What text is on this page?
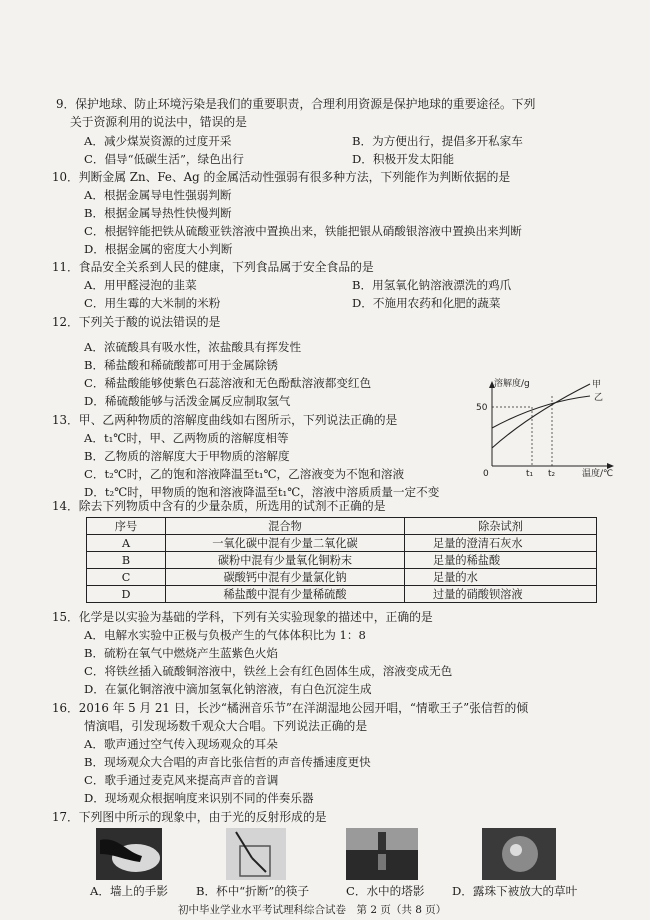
9．保护地球、防止环境污染是我们的重要职责，合理利用资源是保护地球的重要途径。下列
关于资源利用的说法中，错误的是
A．减少煤炭资源的过度开采	B．为方便出行，提倡多开私家车
C．倡导“低碳生活”，绿色出行	D．积极开发太阳能
10．判断金属 Zn、Fe、Ag 的金属活动性强弱有很多种方法，下列能作为判断依据的是
A．根据金属导电性强弱判断
B．根据金属导热性快慢判断
C．根据锌能把铁从硫酸亚铁溶液中置换出来，铁能把银从硝酸银溶液中置换出来判断
D．根据金属的密度大小判断
11．食品安全关系到人民的健康，下列食品属于安全食品的是
A．用甲醛浸泡的韭菜	B．用氢氧化钠溶液漂洗的鸡爪
C．用生霉的大米制的米粉	D．不施用农药和化肥的蔬菜
12．下列关于酸的说法错误的是
A．浓硫酸具有吸水性，浓盐酸具有挥发性
B．稀盐酸和稀硫酸都可用于金属除锈
C．稀盐酸能够使紫色石蕊溶液和无色酚酞溶液都变红色
D．稀硫酸能够与活泼金属反应制取氢气
13．甲、乙两种物质的溶解度曲线如右图所示，下列说法正确的是
A．t₁℃时，甲、乙两物质的溶解度相等
B．乙物质的溶解度大于甲物质的溶解度
C．t₂℃时，乙的饱和溶液降温至t₁℃，乙溶液变为不饱和溶液
D．t₂℃时，甲物质的饱和溶液降温至t₁℃，溶液中溶质质量一定不变
溶解度/g
温度/℃
0
50
甲
乙
t₁ t₂
14．除去下列物质中含有的少量杂质，所选用的试剂不正确的是
序号	混合物	除杂试剂
A	一氧化碳中混有少量二氧化碳	足量的澄清石灰水
B	碳粉中混有少量氧化铜粉末	足量的稀盐酸
C	碳酸钙中混有少量氯化钠	足量的水
D	稀盐酸中混有少量稀硫酸	过量的硝酸钡溶液
15．化学是以实验为基础的学科，下列有关实验现象的描述中，正确的是
A．电解水实验中正极与负极产生的气体体积比为 1：8
B．硫粉在氧气中燃烧产生蓝紫色火焰
C．将铁丝插入硫酸铜溶液中，铁丝上会有红色固体生成，溶液变成无色
D．在氯化铜溶液中滴加氢氧化钠溶液，有白色沉淀生成
16．2016 年 5 月 21 日，长沙“橘洲音乐节”在洋湖湿地公园开唱，“情歌王子”张信哲的倾
情演唱，引发现场数千观众大合唱。下列说法正确的是
A．歌声通过空气传入现场观众的耳朵
B．现场观众大合唱的声音比张信哲的声音传播速度更快
C．歌手通过麦克风来提高声音的音调
D．现场观众根据响度来识别不同的伴奏乐器
17．下列图中所示的现象中，由于光的反射形成的是
A．墙上的手影 B．杯中“折断”的筷子	C．水中的塔影 D．露珠下被放大的草叶
初中毕业学业水平考试理科综合试卷　第 2 页（共 8 页）
